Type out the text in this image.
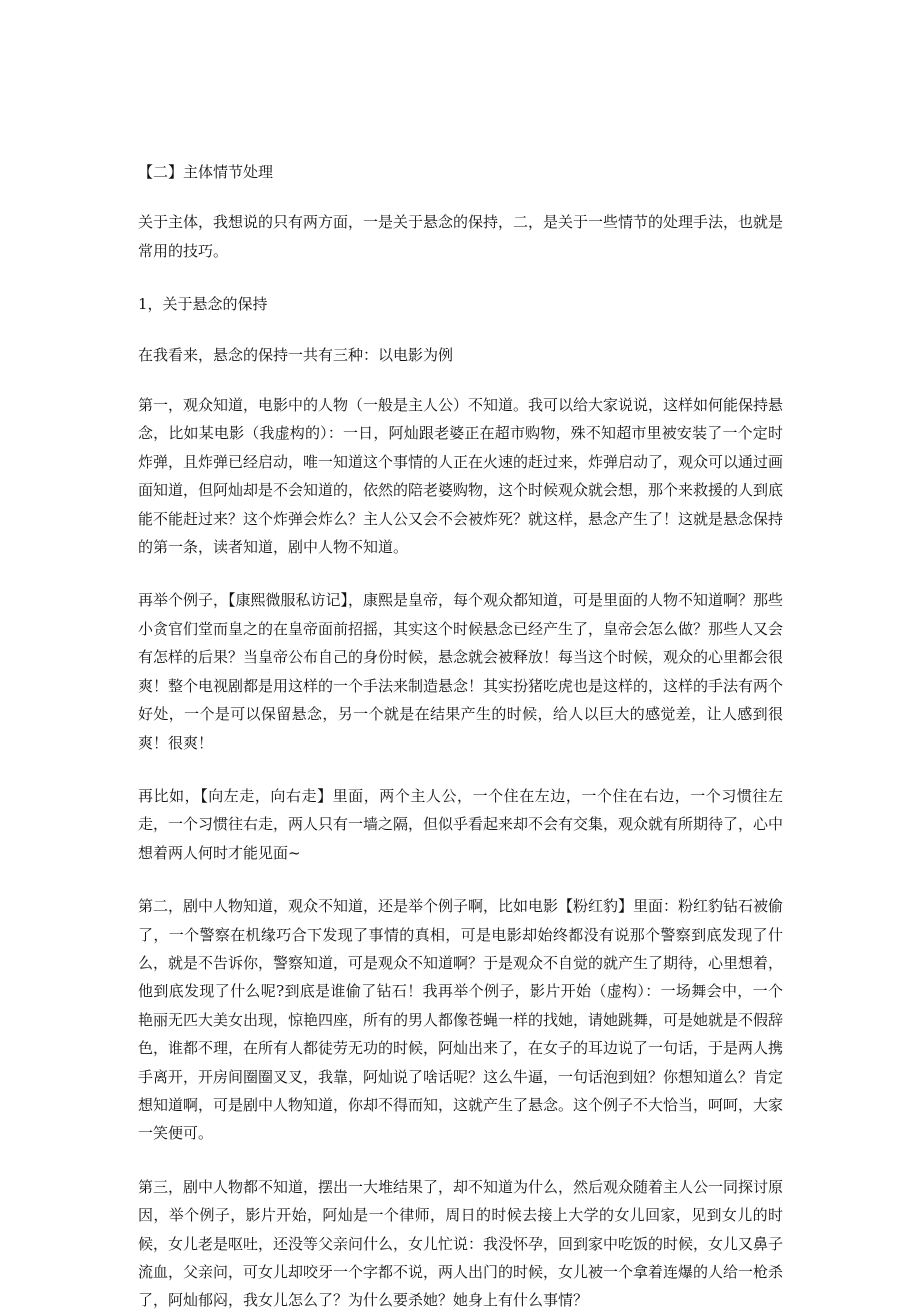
【二】主体情节处理

关于主体，我想说的只有两方面，一是关于悬念的保持，二，是关于一些情节的处理手法，也就是常用的技巧。

1，关于悬念的保持

在我看来，悬念的保持一共有三种：以电影为例

第一，观众知道，电影中的人物（一般是主人公）不知道。我可以给大家说说，这样如何能保持悬念，比如某电影（我虚构的）：一日，阿灿跟老婆正在超市购物，殊不知超市里被安装了一个定时炸弹，且炸弹已经启动，唯一知道这个事情的人正在火速的赶过来，炸弹启动了，观众可以通过画面知道，但阿灿却是不会知道的，依然的陪老婆购物，这个时候观众就会想，那个来救援的人到底能不能赶过来？这个炸弹会炸么？主人公又会不会被炸死？就这样，悬念产生了！这就是悬念保持的第一条，读者知道，剧中人物不知道。

再举个例子，【康熙微服私访记】，康熙是皇帝，每个观众都知道，可是里面的人物不知道啊？那些小贪官们堂而皇之的在皇帝面前招摇，其实这个时候悬念已经产生了，皇帝会怎么做？那些人又会有怎样的后果？当皇帝公布自己的身份时候，悬念就会被释放！每当这个时候，观众的心里都会很爽！整个电视剧都是用这样的一个手法来制造悬念！其实扮猪吃虎也是这样的，这样的手法有两个好处，一个是可以保留悬念，另一个就是在结果产生的时候，给人以巨大的感觉差，让人感到很爽！很爽！

再比如，【向左走，向右走】里面，两个主人公，一个住在左边，一个住在右边，一个习惯往左走，一个习惯往右走，两人只有一墙之隔，但似乎看起来却不会有交集，观众就有所期待了，心中想着两人何时才能见面~

第二，剧中人物知道，观众不知道，还是举个例子啊，比如电影【粉红豹】里面：粉红豹钻石被偷了，一个警察在机缘巧合下发现了事情的真相，可是电影却始终都没有说那个警察到底发现了什么，就是不告诉你，警察知道，可是观众不知道啊？于是观众不自觉的就产生了期待，心里想着，他到底发现了什么呢?到底是谁偷了钻石！我再举个例子，影片开始（虚构）：一场舞会中，一个艳丽无匹大美女出现，惊艳四座，所有的男人都像苍蝇一样的找她，请她跳舞，可是她就是不假辞色，谁都不理，在所有人都徒劳无功的时候，阿灿出来了，在女子的耳边说了一句话，于是两人携手离开，开房间圈圈叉叉，我靠，阿灿说了啥话呢？这么牛逼，一句话泡到妞？你想知道么？肯定想知道啊，可是剧中人物知道，你却不得而知，这就产生了悬念。这个例子不大恰当，呵呵，大家一笑便可。

第三，剧中人物都不知道，摆出一大堆结果了，却不知道为什么，然后观众随着主人公一同探讨原因，举个例子，影片开始，阿灿是一个律师，周日的时候去接上大学的女儿回家，见到女儿的时候，女儿老是呕吐，还没等父亲问什么，女儿忙说：我没怀孕，回到家中吃饭的时候，女儿又鼻子流血，父亲问，可女儿却咬牙一个字都不说，两人出门的时候，女儿被一个拿着连爆的人给一枪杀了，阿灿郁闷，我女儿怎么了？为什么要杀她？她身上有什么事情？
